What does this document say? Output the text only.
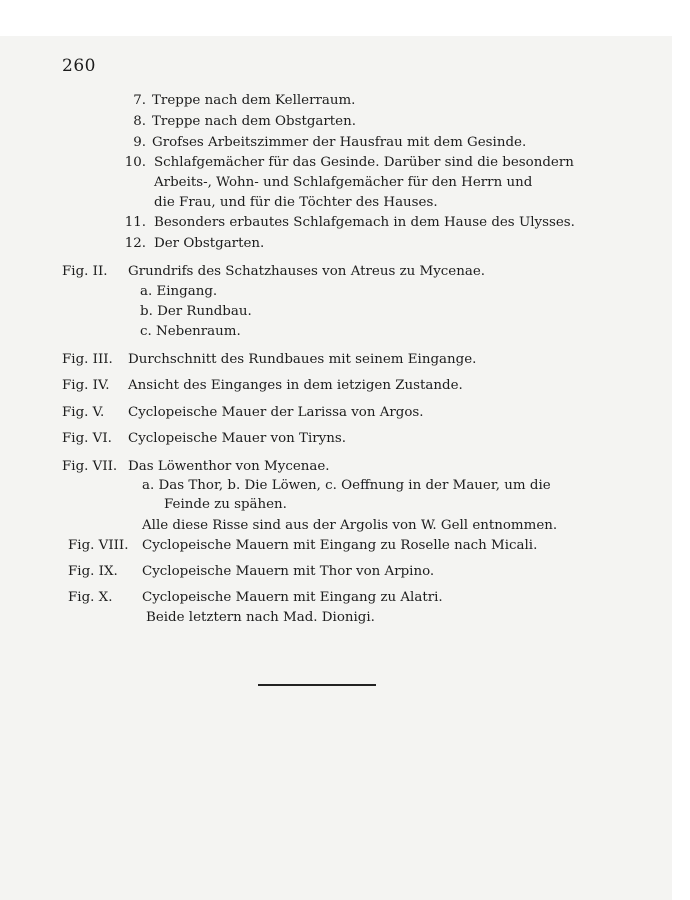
260
7. Treppe nach dem Kellerraum.
8. Treppe nach dem Obstgarten.
9. Grofses Arbeitszimmer der Hausfrau mit dem Gesinde.
10. Schlafgemächer für das Gesinde. Darüber sind die besondern
Arbeits-, Wohn- und Schlafgemächer für den Herrn und
die Frau, und für die Töchter des Hauses.
11. Besonders erbautes Schlafgemach in dem Hause des Ulysses.
12. Der Obstgarten.
Fig. II. Grundrifs des Schatzhauses von Atreus zu Mycenae.
a. Eingang.
b. Der Rundbau.
c. Nebenraum.
Fig. III. Durchschnitt des Rundbaues mit seinem Eingange.
Fig. IV. Ansicht des Einganges in dem ietzigen Zustande.
Fig. V. Cyclopeische Mauer der Larissa von Argos.
Fig. VI. Cyclopeische Mauer von Tiryns.
Fig. VII. Das Löwenthor von Mycenae.
a. Das Thor, b. Die Löwen, c. Oeffnung in der Mauer, um die
Feinde zu spähen.
Alle diese Risse sind aus der Argolis von W. Gell entnommen.
Fig. VIII. Cyclopeische Mauern mit Eingang zu Roselle nach Micali.
Fig. IX. Cyclopeische Mauern mit Thor von Arpino.
Fig. X. Cyclopeische Mauern mit Eingang zu Alatri.
Beide letztern nach Mad. Dionigi.
